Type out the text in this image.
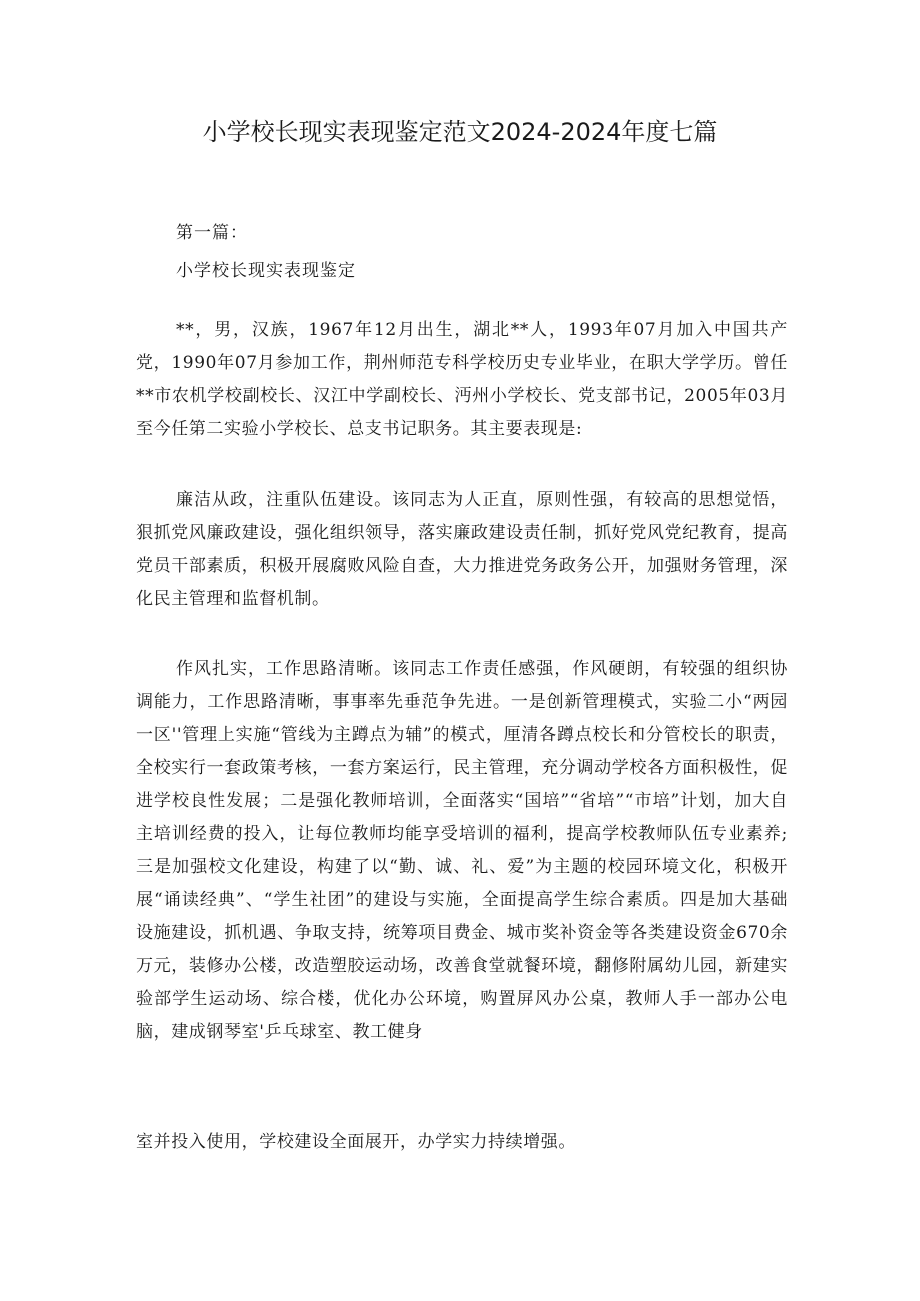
小学校长现实表现鉴定范文2024-2024年度七篇
第一篇：
小学校长现实表现鉴定

**，男，汉族，1967年12月出生，湖北**人，1993年07月加入中国共产党，1990年07月参加工作，荆州师范专科学校历史专业毕业，在职大学学历。曾任**市农机学校副校长、汉江中学副校长、沔州小学校长、党支部书记，2005年03月至今任第二实验小学校长、总支书记职务。其主要表现是:

廉洁从政，注重队伍建设。该同志为人正直，原则性强，有较高的思想觉悟，狠抓党风廉政建设，强化组织领导，落实廉政建设责任制，抓好党风党纪教育，提高党员干部素质，积极开展腐败风险自查，大力推进党务政务公开，加强财务管理，深化民主管理和监督机制。

作风扎实，工作思路清晰。该同志工作责任感强，作风硬朗，有较强的组织协调能力，工作思路清晰，事事率先垂范争先进。一是创新管理模式，实验二小“两园一区''管理上实施“管线为主蹲点为辅”的模式，厘清各蹲点校长和分管校长的职责，全校实行一套政策考核，一套方案运行，民主管理，充分调动学校各方面积极性，促进学校良性发展；二是强化教师培训，全面落实“国培”“省培”“市培”计划，加大自主培训经费的投入，让每位教师均能享受培训的福利，提高学校教师队伍专业素养;三是加强校文化建设，构建了以“勤、诚、礼、爱”为主题的校园环境文化，积极开展“诵读经典”、“学生社团”的建设与实施，全面提高学生综合素质。四是加大基础设施建设，抓机遇、争取支持，统筹项目费金、城市奖补资金等各类建设资金670余万元，装修办公楼，改造塑胶运动场，改善食堂就餐环境，翻修附属幼儿园，新建实验部学生运动场、综合楼，优化办公环境，购置屏风办公桌，教师人手一部办公电脑，建成钢琴室'乒乓球室、教工健身

室并投入使用，学校建设全面展开，办学实力持续增强。
